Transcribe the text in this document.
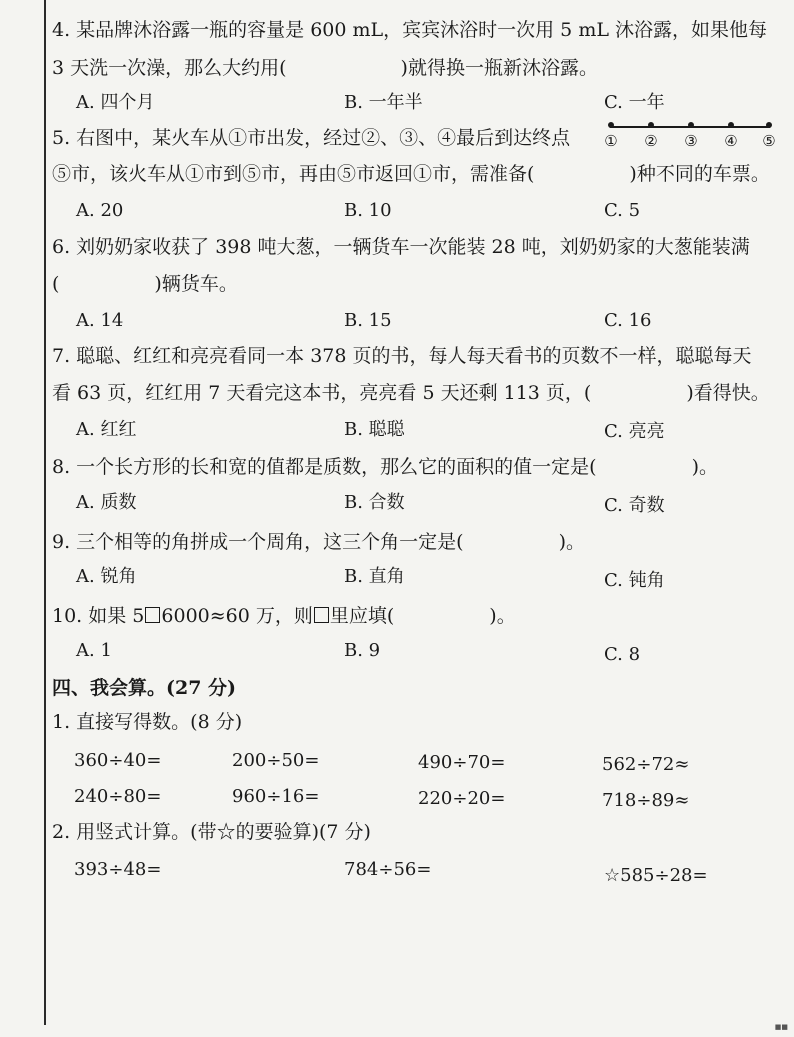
4. 某品牌沐浴露一瓶的容量是 600 mL，宾宾沐浴时一次用 5 mL 沐浴露，如果他每
3 天洗一次澡，那么大约用(　　　　　　)就得换一瓶新沐浴露。
A. 四个月	B. 一年半	C. 一年
5. 右图中，某火车从①市出发，经过②、③、④最后到达终点 ① ② ③ ④ ⑤
⑤市，该火车从①市到⑤市，再由⑤市返回①市，需准备(　　　　　)种不同的车票。
A. 20	B. 10	C. 5
6. 刘奶奶家收获了 398 吨大葱，一辆货车一次能装 28 吨，刘奶奶家的大葱能装满
(　　　　　)辆货车。
A. 14	B. 15	C. 16
7. 聪聪、红红和亮亮看同一本 378 页的书，每人每天看书的页数不一样，聪聪每天
看 63 页，红红用 7 天看完这本书，亮亮看 5 天还剩 113 页，(　　　　　)看得快。
A. 红红	B. 聪聪	C. 亮亮
8. 一个长方形的长和宽的值都是质数，那么它的面积的值一定是(　　　　　)。
A. 质数	B. 合数	C. 奇数
9. 三个相等的角拼成一个周角，这三个角一定是(　　　　　)。
A. 锐角	B. 直角	C. 钝角
10. 如果 5 6000≈60 万，则 里应填(　　　　　)。
A. 1	B. 9	C. 8
四、我会算。(27 分)
1. 直接写得数。(8 分)
360÷40=	200÷50=	490÷70=	562÷72≈
240÷80=	960÷16=	220÷20=	718÷89≈
2. 用竖式计算。(带☆的要验算)(7 分)
393÷48=	784÷56=	☆585÷28=
■■
